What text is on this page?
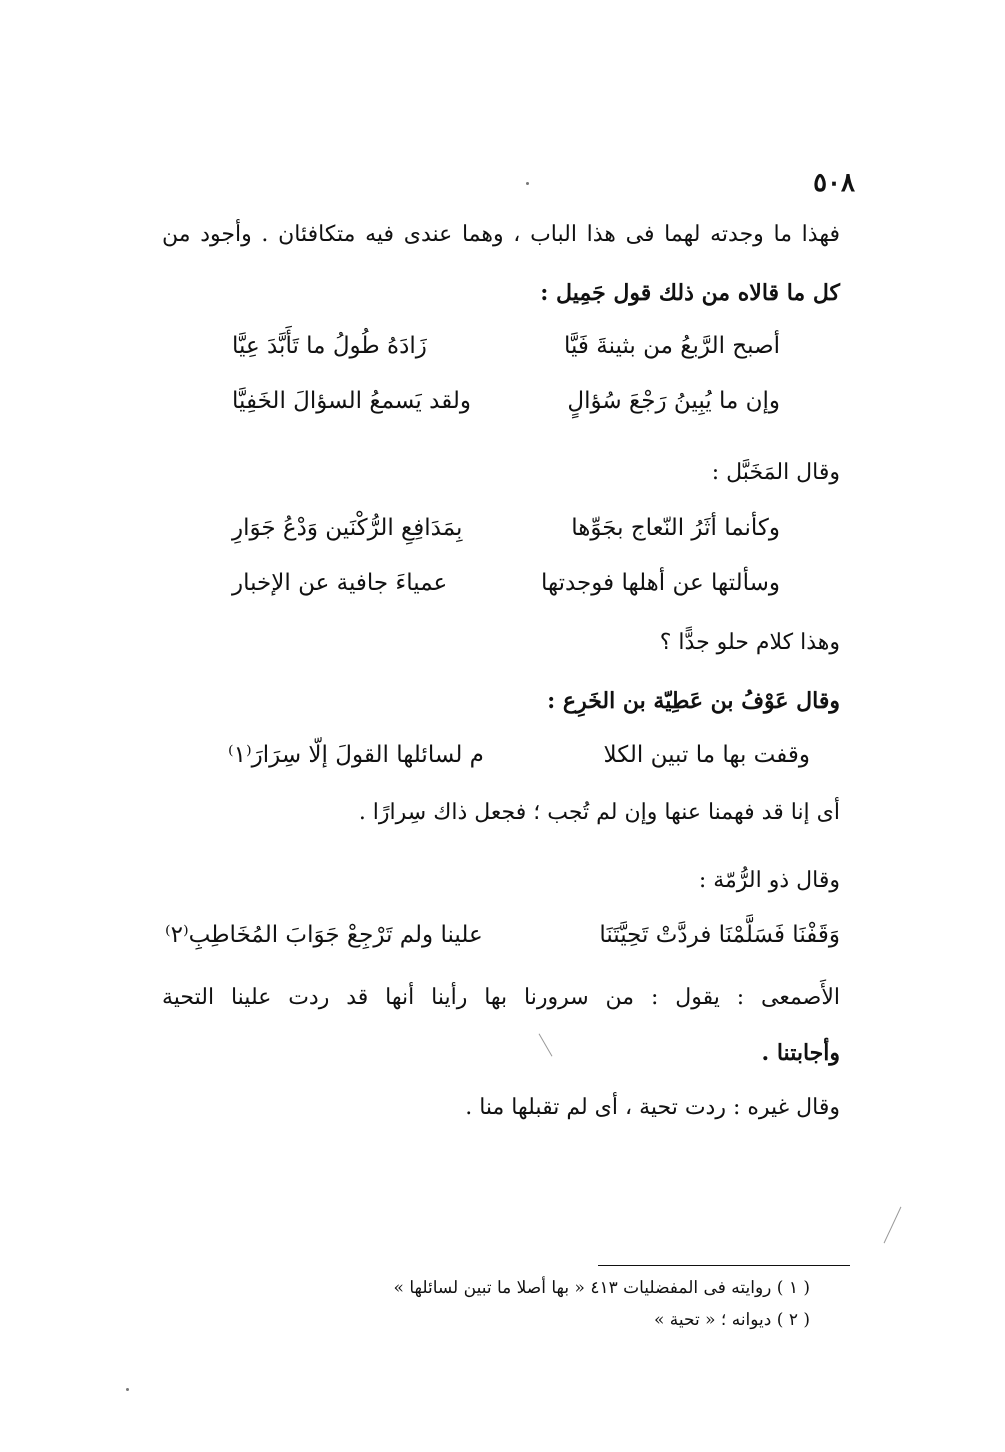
٥٠٨
فهذا ما وجدته لهما فى هذا الباب ، وهما عندى فيه متكافئان . وأجود من
كل ما قالاه من ذلك قول جَمِيل :
أصبح الرَّبعُ من بثينةَ فَيَّا
زَادَهُ طُولُ ما تَأَبَّدَ عِيَّا
وإن ما يُبِينُ رَجْعَ سُؤالٍ
ولقد يَسمعُ السؤالَ الخَفِيَّا
وقال المَخَبَّل :
وكأنما أثَرُ النّعاج بجَوِّها
بِمَدَافِعِ الرُّكْنَين وَدْعُ جَوَارِ
وسألتها عن أهلها فوجدتها
عمياءَ جافية عن الإخبار
وهذا كلام حلو جدًّا ؟
وقال عَوْفُ بن عَطِيّة بن الخَرِع :
وقفت بها ما تبين الكلا
م لسائلها القولَ إلّا سِرَارَ⁽١⁾
أى إنا قد فهمنا عنها وإن لم تُجب ؛ فجعل ذاك سِرارًا .
وقال ذو الرُّمّة :
وَقَفْنَا فَسَلَّمْنَا فردَّتْ تَحِيَّتَنَا
علينا ولم تَرْجِعْ جَوَابَ المُخَاطِبِ⁽٢⁾
الأَصمعى : يقول : من سرورنا بها رأينا أنها قد ردت علينا التحية
وأجابتنا .
وقال غيره : ردت تحية ، أى لم تقبلها منا .
( ١ ) روايته فى المفضليات ٤١٣ « بها أصلا ما تبين لسائلها »
( ٢ ) ديوانه ؛ « تحية »
